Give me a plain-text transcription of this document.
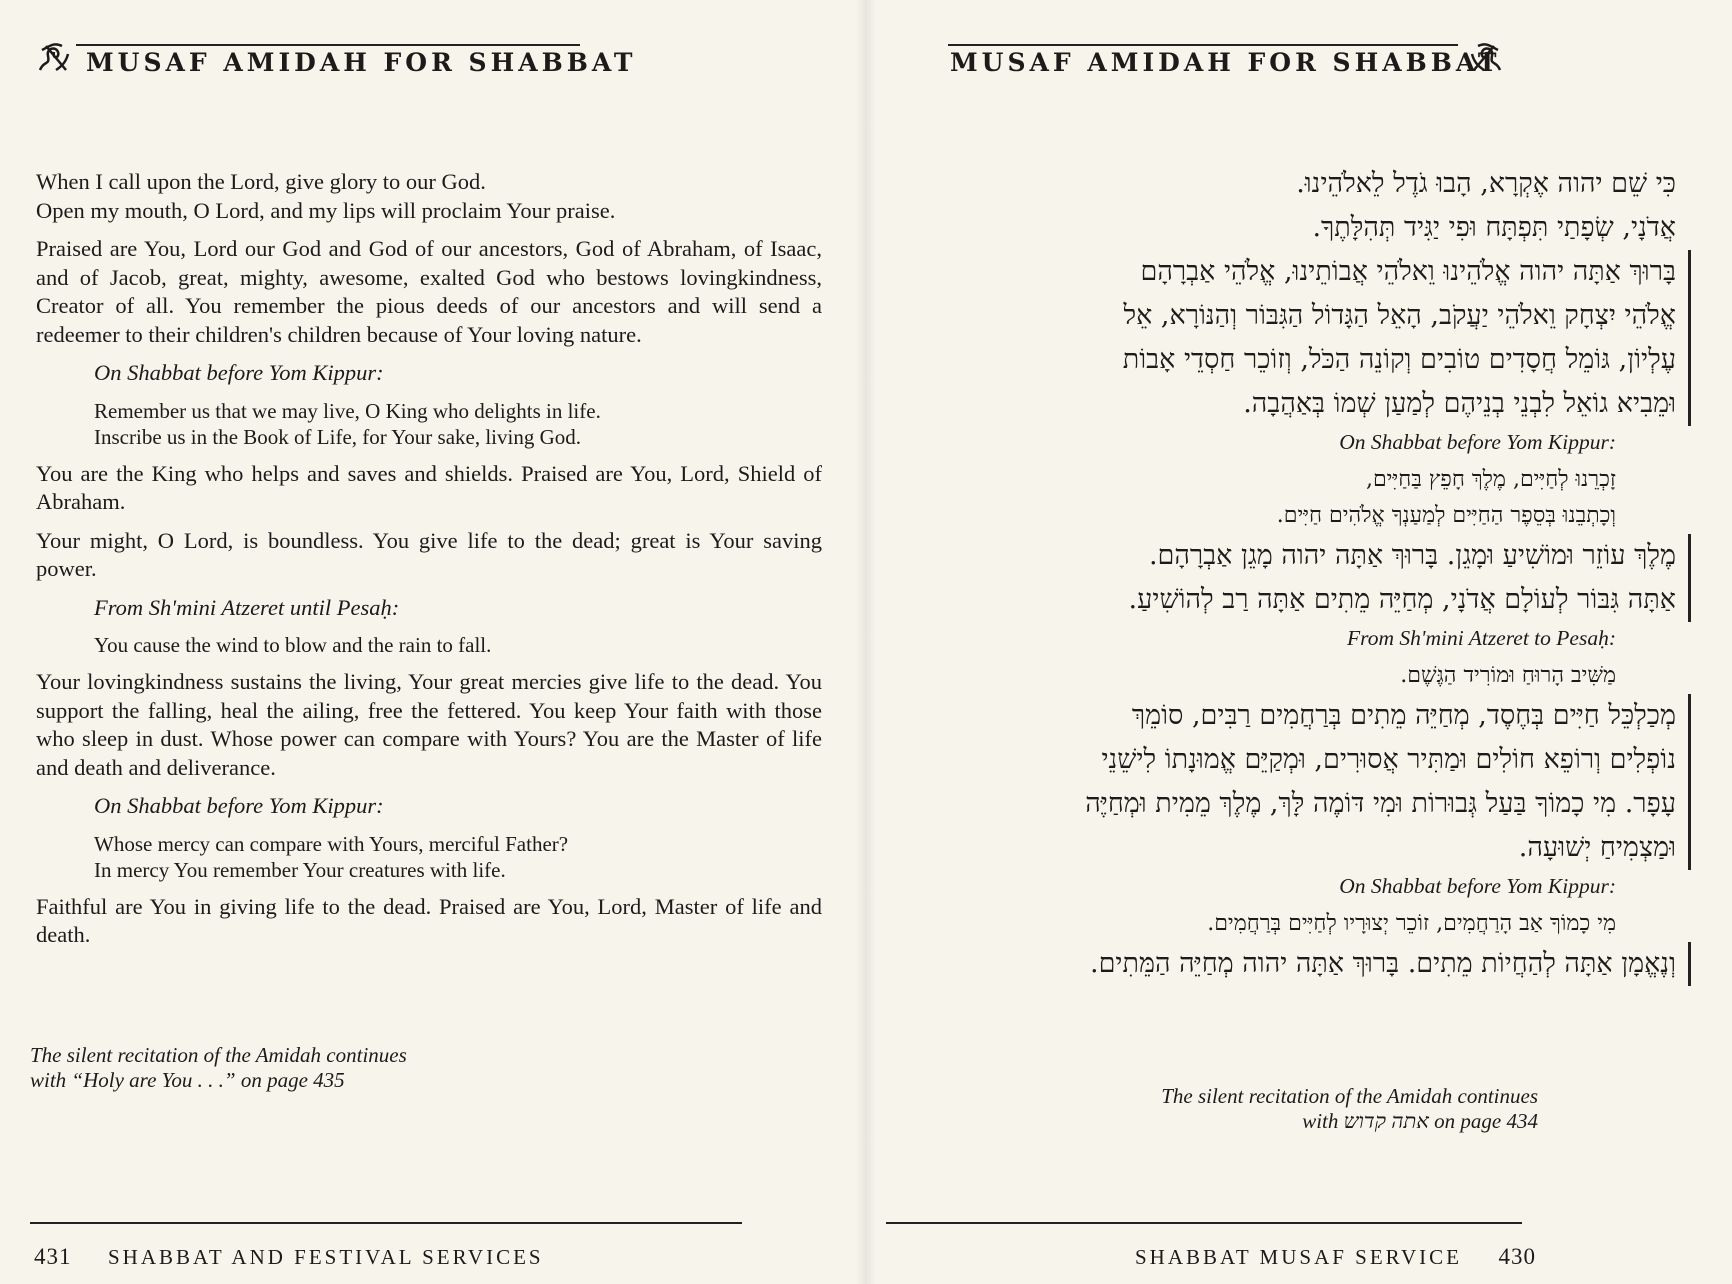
MUSAF AMIDAH FOR SHABBAT

When I call upon the Lord, give glory to our God.
Open my mouth, O Lord, and my lips will proclaim Your praise.

Praised are You, Lord our God and God of our ancestors, God of Abraham, of Isaac, and of Jacob, great, mighty, awesome, exalted God who bestows lovingkindness, Creator of all. You remember the pious deeds of our ancestors and will send a redeemer to their children's children because of Your loving nature.

On Shabbat before Yom Kippur:

Remember us that we may live, O King who delights in life.
Inscribe us in the Book of Life, for Your sake, living God.

You are the King who helps and saves and shields. Praised are You, Lord, Shield of Abraham.

Your might, O Lord, is boundless. You give life to the dead; great is Your saving power.

From Sh'mini Atzeret until Pesaḥ:

You cause the wind to blow and the rain to fall.

Your lovingkindness sustains the living, Your great mercies give life to the dead. You support the falling, heal the ailing, free the fettered. You keep Your faith with those who sleep in dust. Whose power can compare with Yours? You are the Master of life and death and deliverance.

On Shabbat before Yom Kippur:

Whose mercy can compare with Yours, merciful Father?
In mercy You remember Your creatures with life.

Faithful are You in giving life to the dead. Praised are You, Lord, Master of life and death.

The silent recitation of the Amidah continues
with “Holy are You . . .” on page 435
431 SHABBAT AND FESTIVAL SERVICES
MUSAF AMIDAH FOR SHABBAT
כִּי שֵׁם יהוה אֶקְרָא, הָבוּ גֹדֶל לֵאלֹהֵינוּ.
אֲדֹנָי, שְׂפָתַי תִּפְתָּח וּפִי יַגִּיד תְּהִלָּתֶךָ.
בָּרוּךְ אַתָּה יהוה אֱלֹהֵינוּ וֵאלֹהֵי אֲבוֹתֵינוּ, אֱלֹהֵי אַבְרָהָם
אֱלֹהֵי יִצְחָק וֵאלֹהֵי יַעֲקֹב, הָאֵל הַגָּדוֹל הַגִּבּוֹר וְהַנּוֹרָא, אֵל
עֶלְיוֹן, גּוֹמֵל חֲסָדִים טוֹבִים וְקוֹנֵה הַכֹּל, וְזוֹכֵר חַסְדֵי אָבוֹת
וּמֵבִיא גוֹאֵל לִבְנֵי בְנֵיהֶם לְמַעַן שְׁמוֹ בְּאַהֲבָה.
On Shabbat before Yom Kippur:
זָכְרֵנוּ לְחַיִּים, מֶלֶךְ חָפֵץ בַּחַיִּים,
וְכָתְבֵנוּ בְּסֵפֶר הַחַיִּים לְמַעַנְךָ אֱלֹהִים חַיִּים.
מֶלֶךְ עוֹזֵר וּמוֹשִׁיעַ וּמָגֵן. בָּרוּךְ אַתָּה יהוה מָגֵן אַבְרָהָם.
אַתָּה גִּבּוֹר לְעוֹלָם אֲדֹנָי, מְחַיֵּה מֵתִים אַתָּה רַב לְהוֹשִׁיעַ.
From Sh'mini Atzeret to Pesaḥ:
מַשִּׁיב הָרוּחַ וּמוֹרִיד הַגֶּשֶׁם.
מְכַלְכֵּל חַיִּים בְּחֶסֶד, מְחַיֵּה מֵתִים בְּרַחֲמִים רַבִּים, סוֹמֵךְ
נוֹפְלִים וְרוֹפֵא חוֹלִים וּמַתִּיר אֲסוּרִים, וּמְקַיֵּם אֱמוּנָתוֹ לִישֵׁנֵי
עָפָר. מִי כָמוֹךָ בַּעַל גְּבוּרוֹת וּמִי דּוֹמֶה לָּךְ, מֶלֶךְ מֵמִית וּמְחַיֶּה
וּמַצְמִיחַ יְשׁוּעָה.
On Shabbat before Yom Kippur:
מִי כָמוֹךָ אַב הָרַחֲמִים, זוֹכֵר יְצוּרָיו לְחַיִּים בְּרַחֲמִים.
וְנֶאֱמָן אַתָּה לְהַחֲיוֹת מֵתִים. בָּרוּךְ אַתָּה יהוה מְחַיֵּה הַמֵּתִים.
The silent recitation of the Amidah continues
with אתה קדוש on page 434
SHABBAT MUSAF SERVICE 430
